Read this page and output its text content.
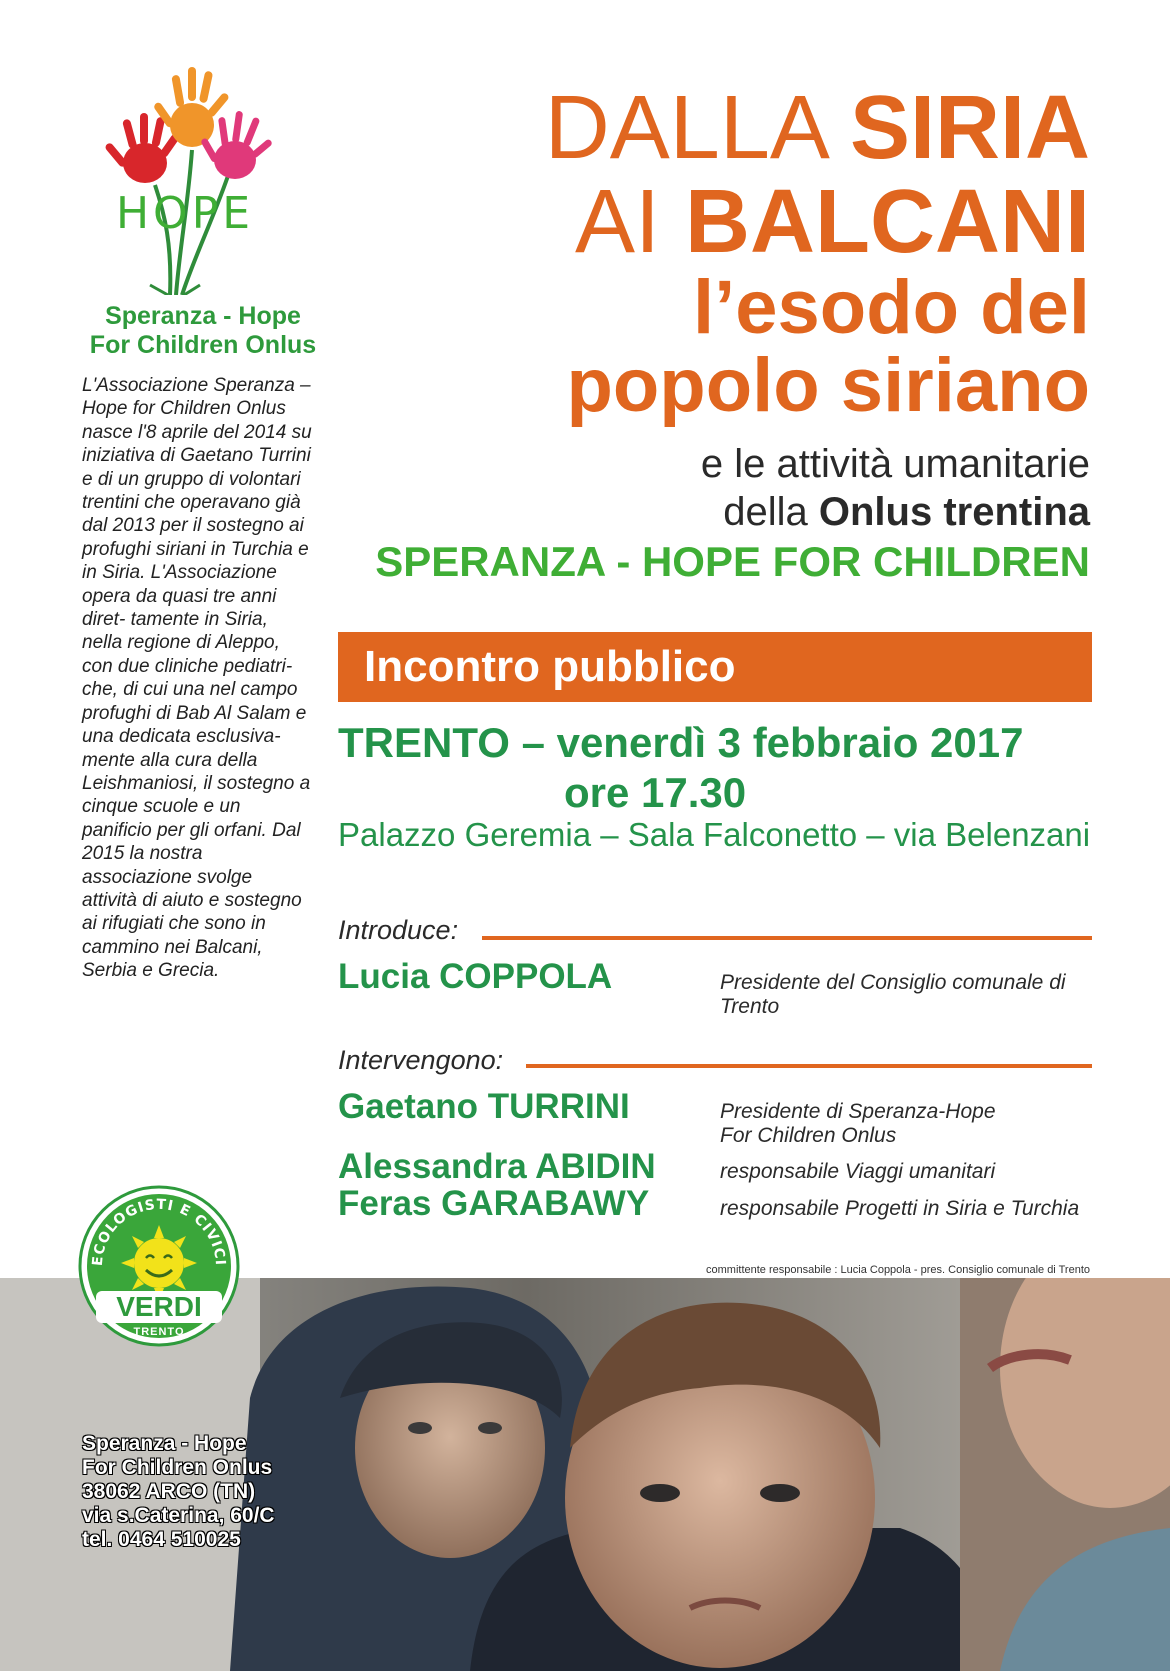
HOPE
Speranza - Hope
For Children Onlus
L'Associazione Speranza – Hope for Children Onlus nasce l'8 aprile del 2014 su iniziativa di Gaetano Turrini e di un gruppo di volontari trentini che operavano già dal 2013 per il sostegno ai profughi siriani in Turchia e in Siria. L'Associazione opera da quasi tre anni diret- tamente in Siria, nella regione di Aleppo, con due cliniche pediatri- che, di cui una nel campo profughi di Bab Al Salam e una dedicata esclusiva- mente alla cura della Leishmaniosi, il sostegno a cinque scuole e un panificio per gli orfani. Dal 2015 la nostra associazione svolge attività di aiuto e sostegno ai rifugiati che sono in cammino nei Balcani, Serbia e Grecia.
DALLA SIRIA
AI BALCANI
l’esodo del
popolo siriano
e le attività umanitarie
della Onlus trentina
SPERANZA - HOPE FOR CHILDREN
Incontro pubblico
TRENTO – venerdì 3 febbraio 2017
ore 17.30
Palazzo Geremia – Sala Falconetto – via Belenzani
Introduce:
Lucia COPPOLA	Presidente del Consiglio comunale di Trento
Intervengono:
Gaetano TURRINI	Presidente di Speranza-Hope For Children Onlus
Alessandra ABIDIN	responsabile Viaggi umanitari
Feras GARABAWY	responsabile Progetti in Siria e Turchia
committente responsabile : Lucia Coppola - pres. Consiglio comunale di Trento
ECOLOGISTI E CIVICI
VERDI
TRENTO
Speranza - Hope
For Children Onlus
38062 ARCO (TN)
via s.Caterina, 60/C
tel. 0464 510025
